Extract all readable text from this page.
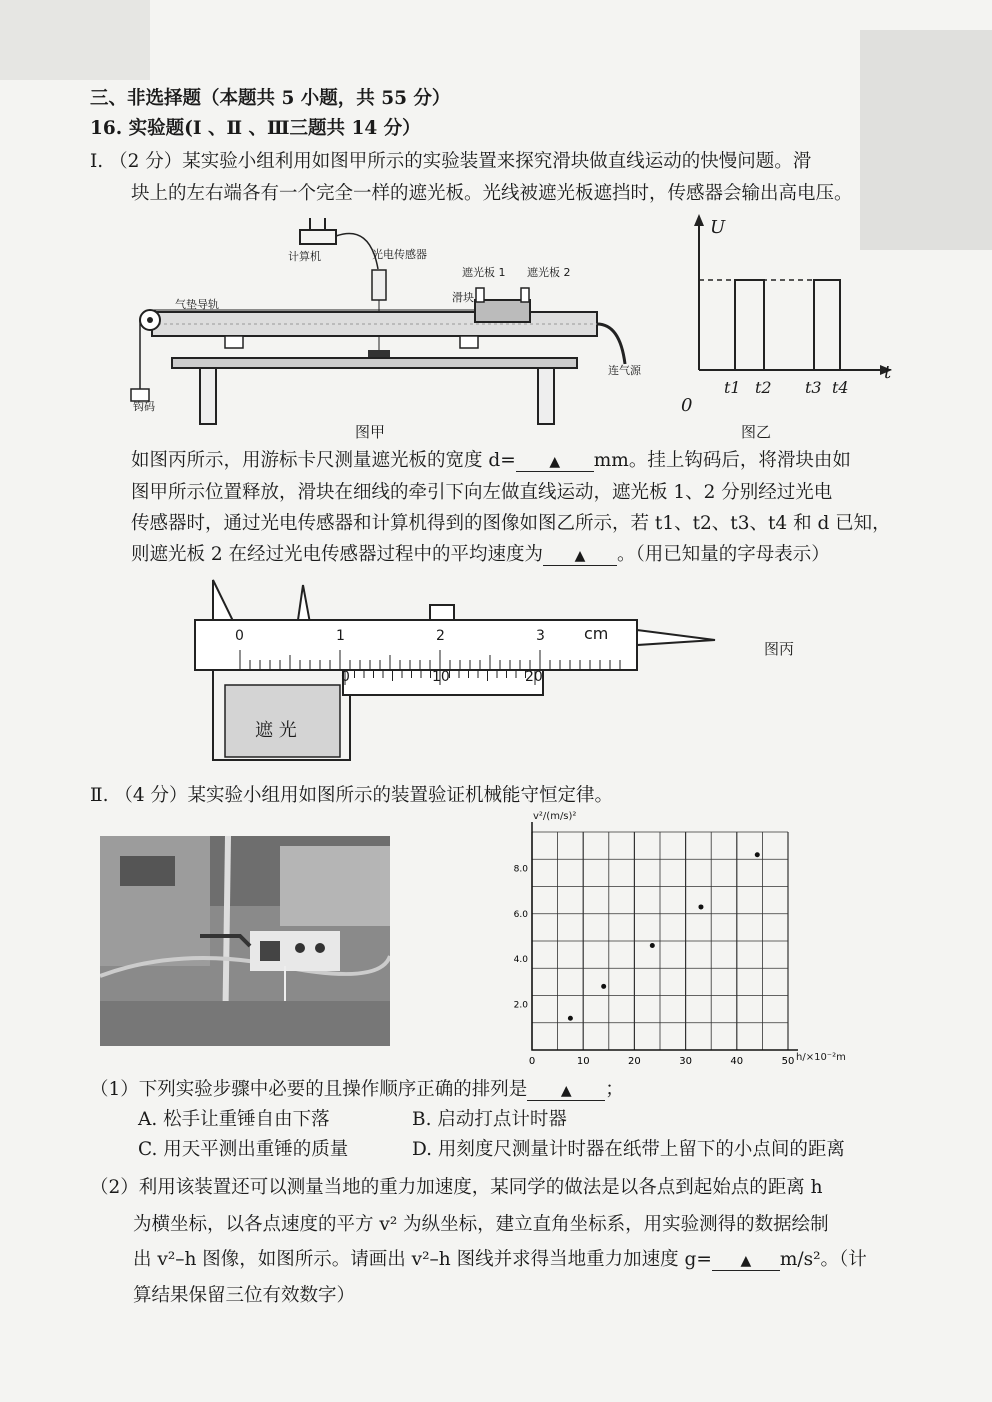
三、非选择题（本题共 5 小题，共 55 分）
16. 实验题(Ⅰ 、Ⅱ 、Ⅲ三题共 14 分）
Ⅰ. （2 分）某实验小组利用如图甲所示的实验装置来探究滑块做直线运动的快慢问题。滑
块上的左右端各有一个完全一样的遮光板。光线被遮光板遮挡时，传感器会输出高电压。
计算机	光电传感器
遮光板 1 遮光板 2
滑块
气垫导轨
连气源
钩码
图甲
U
t
0
t1 t2 t3 t4
图乙
如图丙所示，用游标卡尺测量遮光板的宽度 d= ▲ mm。挂上钩码后，将滑块由如
图甲所示位置释放，滑块在细线的牵引下向左做直线运动，遮光板 1、2 分别经过光电
传感器时，通过光电传感器和计算机得到的图像如图乙所示，若 t1、t2、t3、t4 和 d 已知，
则遮光板 2 在经过光电传感器过程中的平均速度为 ▲ 。（用已知量的字母表示）
0	1	2	3 cm
0	10	20
遮 光
图丙
Ⅱ. （4 分）某实验小组用如图所示的装置验证机械能守恒定律。
0	10	20	30	40	50
2.0
4.0
6.0
8.0
v²/(m/s)²
h/×10⁻²m
（1）下列实验步骤中必要的且操作顺序正确的排列是 ▲ ；
A. 松手让重锤自由下落	B. 启动打点计时器
C. 用天平测出重锤的质量	D. 用刻度尺测量计时器在纸带上留下的小点间的距离
（2）利用该装置还可以测量当地的重力加速度，某同学的做法是以各点到起始点的距离 h
为横坐标，以各点速度的平方 v² 为纵坐标，建立直角坐标系，用实验测得的数据绘制
出 v²–h 图像，如图所示。请画出 v²–h 图线并求得当地重力加速度 g= ▲ m/s²。（计
算结果保留三位有效数字）
